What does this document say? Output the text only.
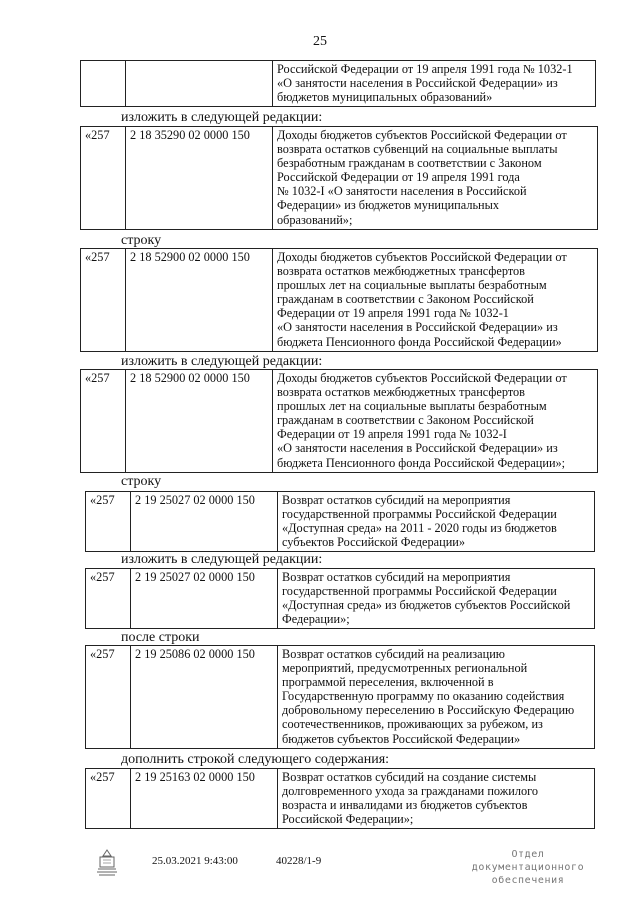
25
		Российской Федерации от 19 апреля 1991 года № 1032-1
«О занятости населения в Российской Федерации» из
бюджетов муниципальных образований»
изложить в следующей редакции:
«257	2 18 35290 02 0000 150	Доходы бюджетов субъектов Российской Федерации от
возврата остатков субвенций на социальные выплаты
безработным гражданам в соответствии с Законом
Российской Федерации от 19 апреля 1991 года
№ 1032-I «О занятости населения в Российской
Федерации» из бюджетов муниципальных
образований»;
строку
«257	2 18 52900 02 0000 150	Доходы бюджетов субъектов Российской Федерации от
возврата остатков межбюджетных трансфертов
прошлых лет на социальные выплаты безработным
гражданам в соответствии с Законом Российской
Федерации от 19 апреля 1991 года № 1032-1
«О занятости населения в Российской Федерации» из
бюджета Пенсионного фонда Российской Федерации»
изложить в следующей редакции:
«257	2 18 52900 02 0000 150	Доходы бюджетов субъектов Российской Федерации от
возврата остатков межбюджетных трансфертов
прошлых лет на социальные выплаты безработным
гражданам в соответствии с Законом Российской
Федерации от 19 апреля 1991 года № 1032-I
«О занятости населения в Российской Федерации» из
бюджета Пенсионного фонда Российской Федерации»;
строку
«257	2 19 25027 02 0000 150	Возврат остатков субсидий на мероприятия
государственной программы Российской Федерации
«Доступная среда» на 2011 - 2020 годы из бюджетов
субъектов Российской Федерации»
изложить в следующей редакции:
«257	2 19 25027 02 0000 150	Возврат остатков субсидий на мероприятия
государственной программы Российской Федерации
«Доступная среда» из бюджетов субъектов Российской
Федерации»;
после строки
«257	2 19 25086 02 0000 150	Возврат остатков субсидий на реализацию
мероприятий, предусмотренных региональной
программой переселения, включенной в
Государственную программу по оказанию содействия
добровольному переселению в Российскую Федерацию
соотечественников, проживающих за рубежом, из
бюджетов субъектов Российской Федерации»
дополнить строкой следующего содержания:
«257	2 19 25163 02 0000 150	Возврат остатков субсидий на создание системы
долговременного ухода за гражданами пожилого
возраста и инвалидами из бюджетов субъектов
Российской Федерации»;
25.03.2021 9:43:00	40228/1-9
Отдел документационного
обеспечения
